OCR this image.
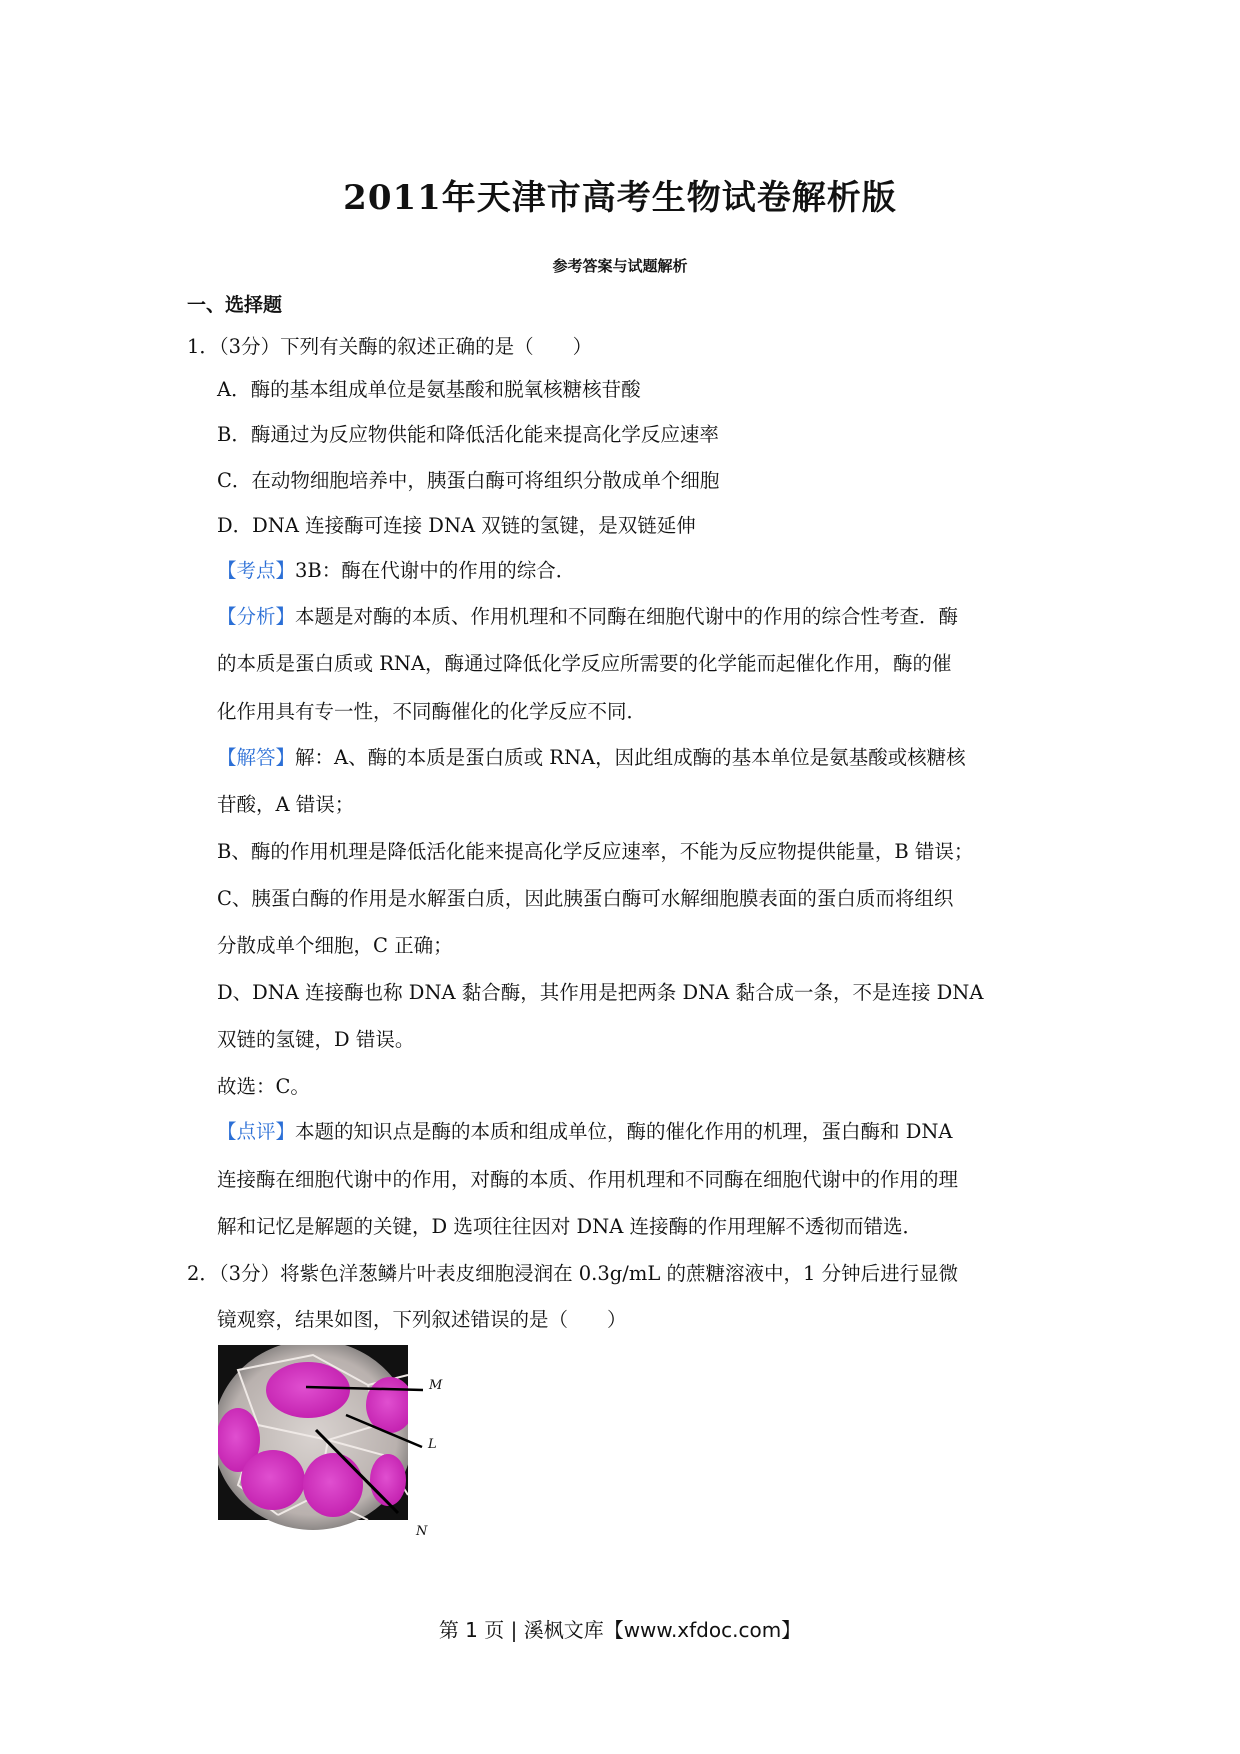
2011年天津市高考生物试卷解析版
参考答案与试题解析
一、选择题
1．（3分）下列有关酶的叙述正确的是（　　）
A．酶的基本组成单位是氨基酸和脱氧核糖核苷酸
B．酶通过为反应物供能和降低活化能来提高化学反应速率
C．在动物细胞培养中，胰蛋白酶可将组织分散成单个细胞
D．DNA 连接酶可连接 DNA 双链的氢键，是双链延伸
【考点】3B：酶在代谢中的作用的综合．
【分析】本题是对酶的本质、作用机理和不同酶在细胞代谢中的作用的综合性考查．酶
的本质是蛋白质或 RNA，酶通过降低化学反应所需要的化学能而起催化作用，酶的催
化作用具有专一性，不同酶催化的化学反应不同．
【解答】解：A、酶的本质是蛋白质或 RNA，因此组成酶的基本单位是氨基酸或核糖核
苷酸，A 错误；
B、酶的作用机理是降低活化能来提高化学反应速率，不能为反应物提供能量，B 错误；
C、胰蛋白酶的作用是水解蛋白质，因此胰蛋白酶可水解细胞膜表面的蛋白质而将组织
分散成单个细胞，C 正确；
D、DNA 连接酶也称 DNA 黏合酶，其作用是把两条 DNA 黏合成一条，不是连接 DNA
双链的氢键，D 错误。
故选：C。
【点评】本题的知识点是酶的本质和组成单位，酶的催化作用的机理，蛋白酶和 DNA
连接酶在细胞代谢中的作用，对酶的本质、作用机理和不同酶在细胞代谢中的作用的理
解和记忆是解题的关键，D 选项往往因对 DNA 连接酶的作用理解不透彻而错选．
2．（3分）将紫色洋葱鳞片叶表皮细胞浸润在 0.3g/mL 的蔗糖溶液中，1 分钟后进行显微
镜观察，结果如图，下列叙述错误的是（　　）
M
L
N
第 1 页 | 溪枫文库【www.xfdoc.com】
